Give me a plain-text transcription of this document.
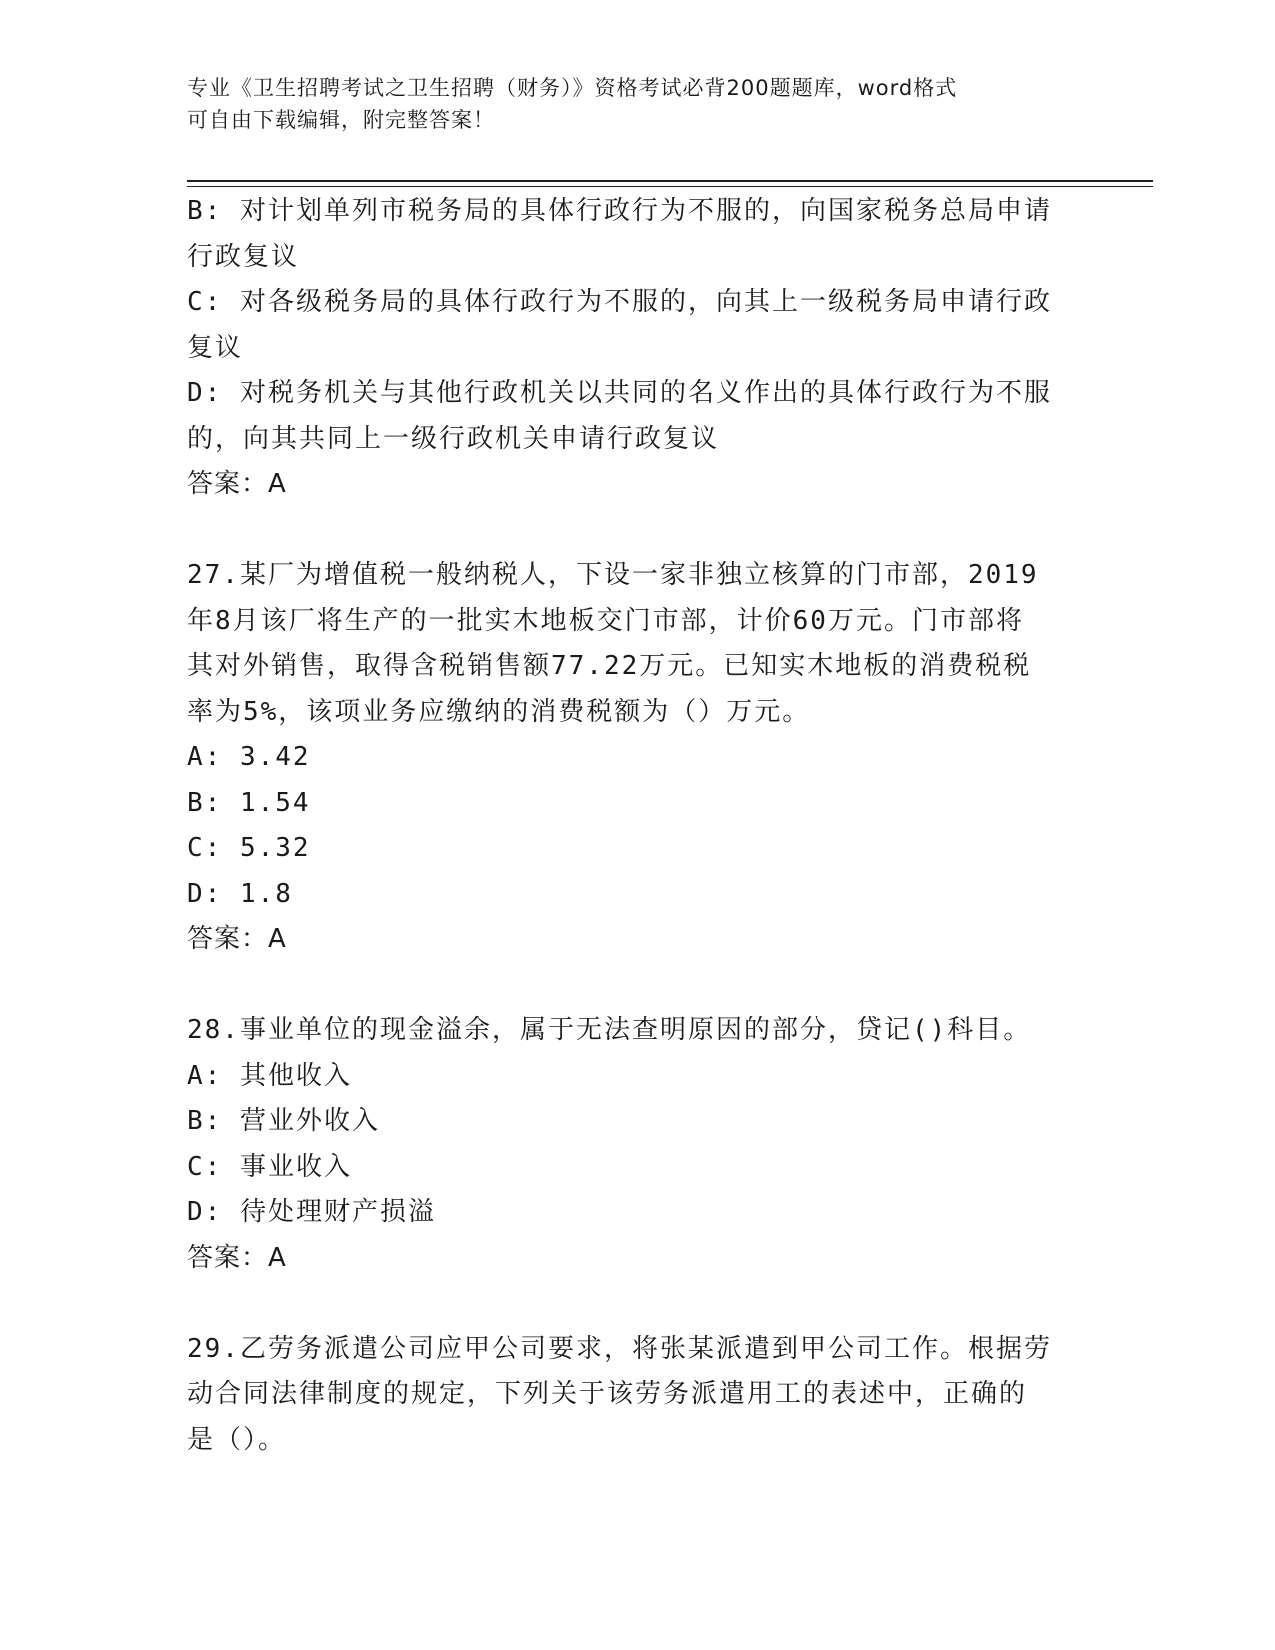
专业《卫生招聘考试之卫生招聘（财务）》资格考试必背200题题库，word格式
可自由下载编辑，附完整答案！
B: 对计划单列市税务局的具体行政行为不服的，向国家税务总局申请
行政复议
C: 对各级税务局的具体行政行为不服的，向其上一级税务局申请行政
复议
D: 对税务机关与其他行政机关以共同的名义作出的具体行政行为不服
的，向其共同上一级行政机关申请行政复议
答案：A
27.某厂为增值税一般纳税人，下设一家非独立核算的门市部，2019
年8月该厂将生产的一批实木地板交门市部，计价60万元。门市部将
其对外销售，取得含税销售额77.22万元。已知实木地板的消费税税
率为5%，该项业务应缴纳的消费税额为（）万元。
A: 3.42
B: 1.54
C: 5.32
D: 1.8
答案：A
28.事业单位的现金溢余，属于无法查明原因的部分，贷记()科目。
A: 其他收入
B: 营业外收入
C: 事业收入
D: 待处理财产损溢
答案：A
29.乙劳务派遣公司应甲公司要求，将张某派遣到甲公司工作。根据劳
动合同法律制度的规定，下列关于该劳务派遣用工的表述中，正确的
是（）。
